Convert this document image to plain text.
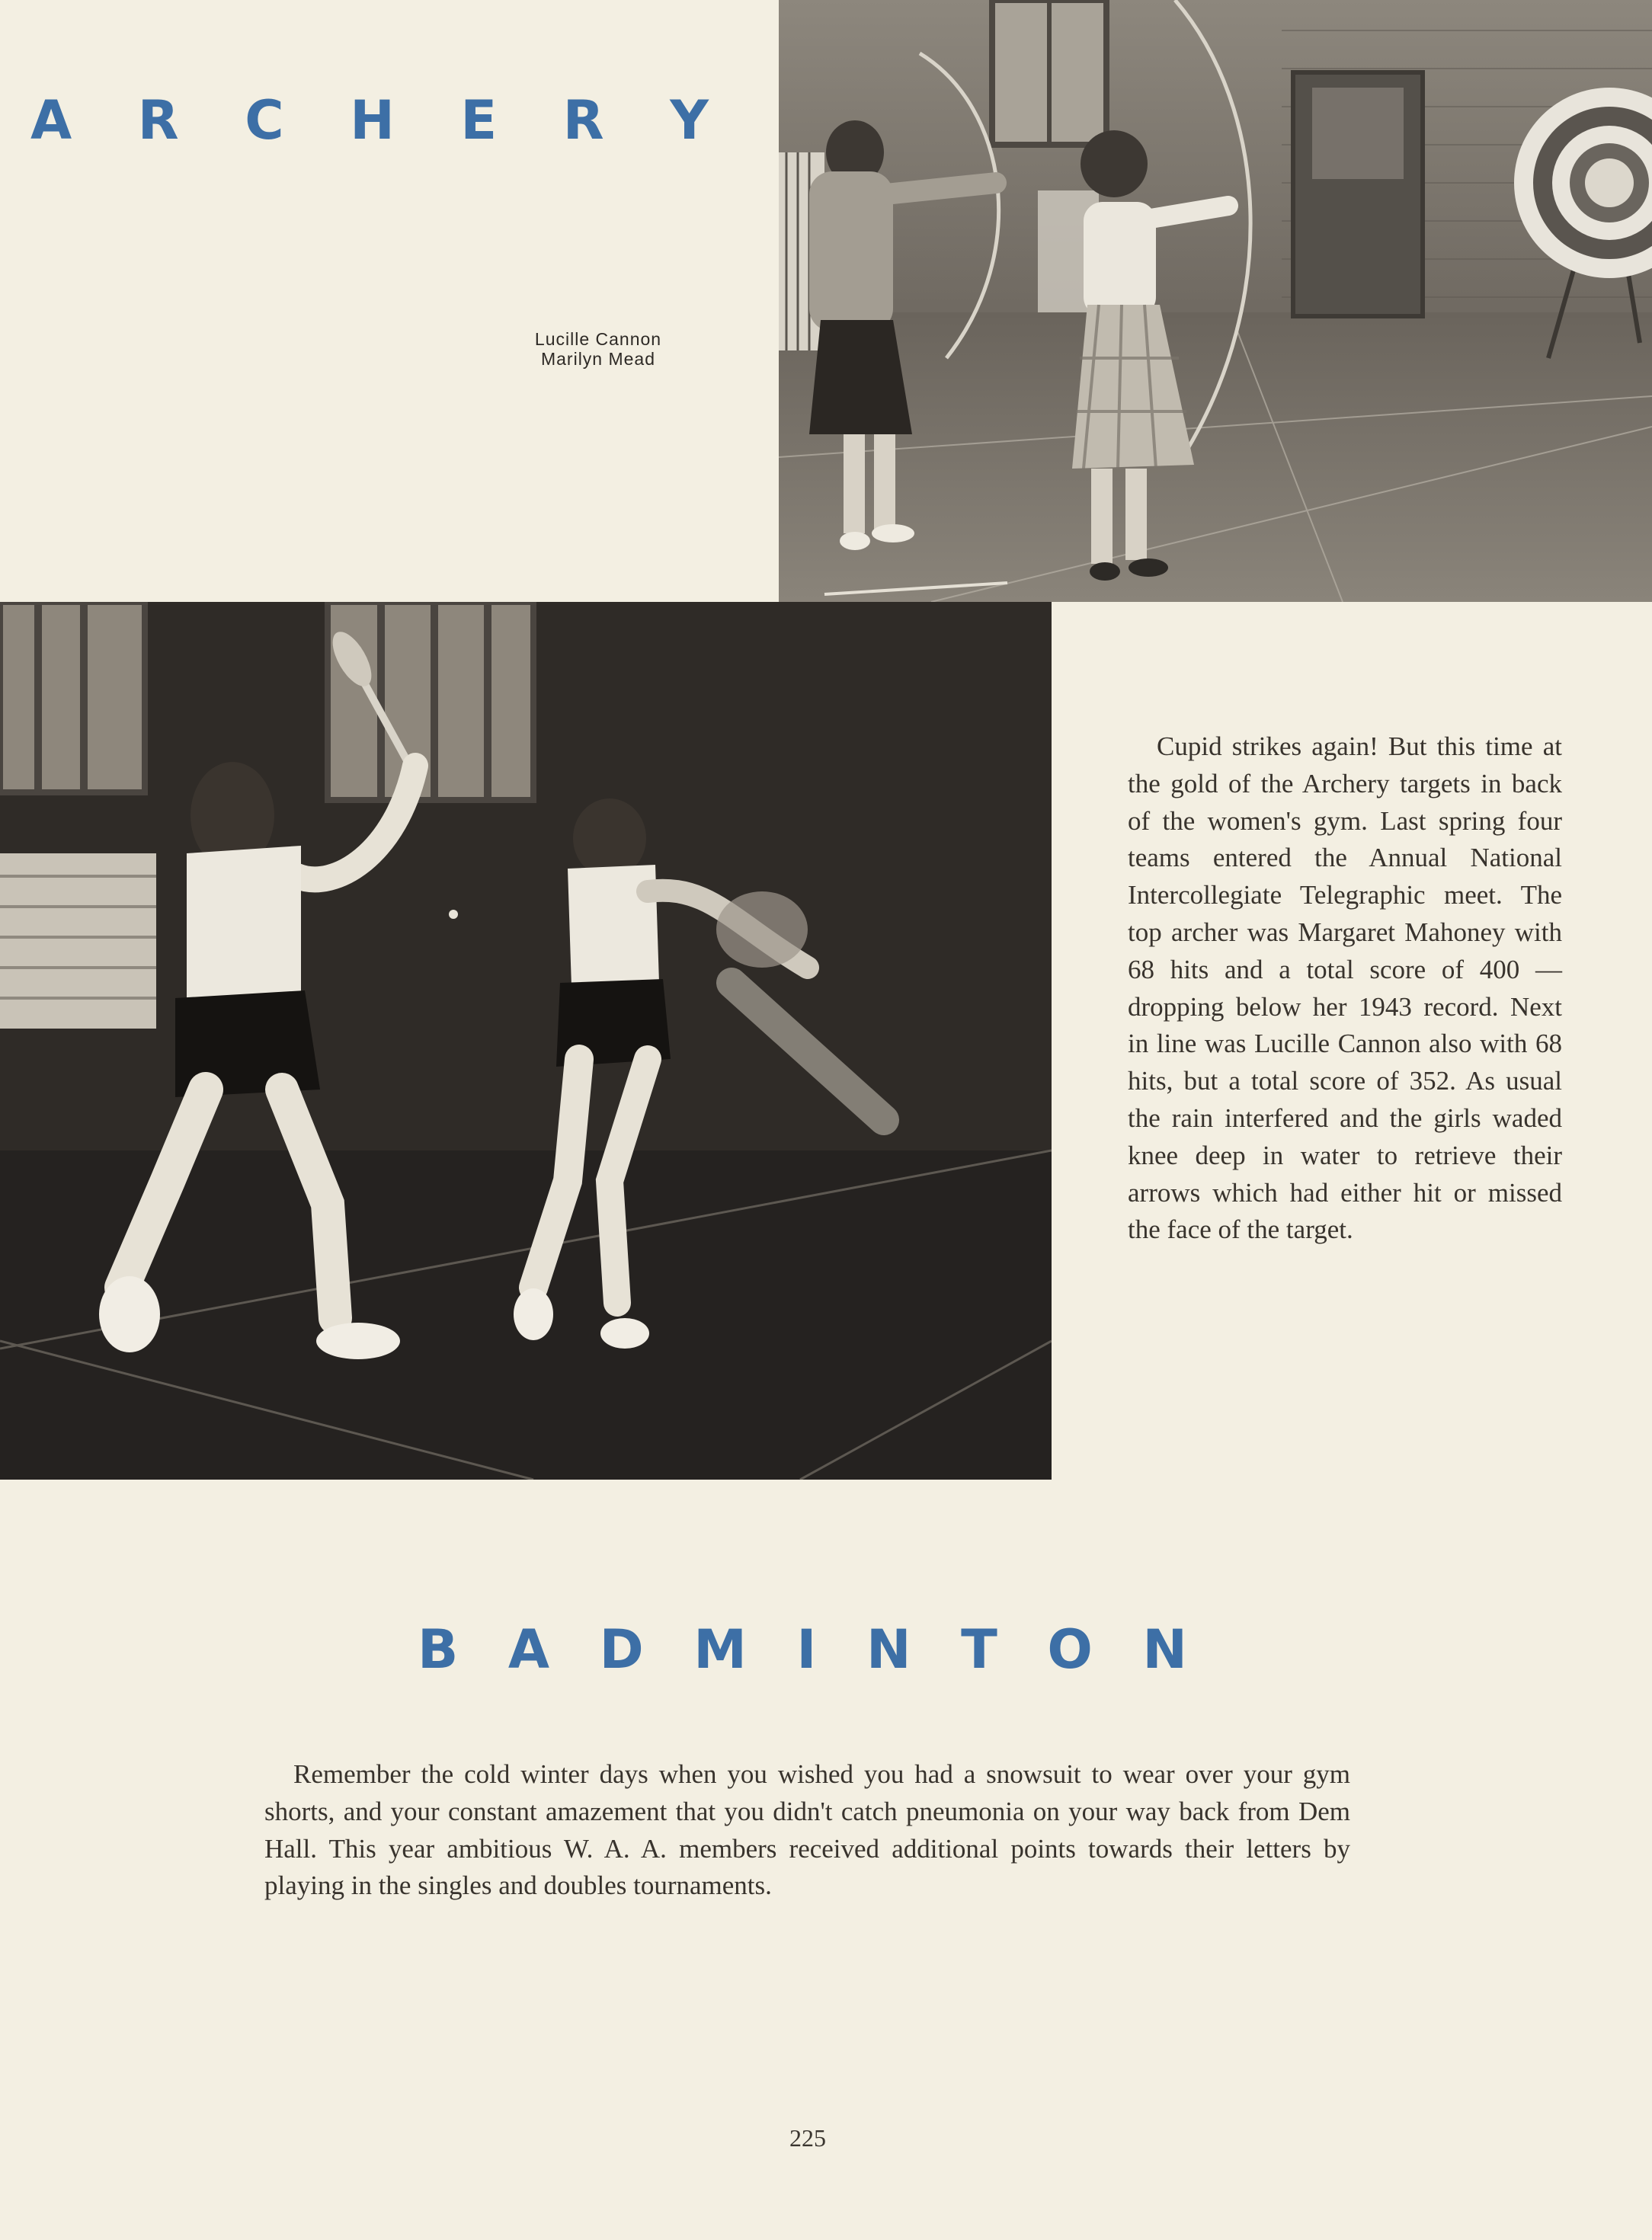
A R C H E R Y
Lucille Cannon
Marilyn Mead

Cupid strikes again! But this time at the gold of the Archery targets in back of the women's gym. Last spring four teams entered the Annual National Intercollegiate Telegraphic meet. The top archer was Margaret Mahoney with 68 hits and a total score of 400 — dropping below her 1943 record. Next in line was Lucille Cannon also with 68 hits, but a total score of 352. As usual the rain interfered and the girls waded knee deep in water to retrieve their arrows which had either hit or missed the face of the target.

B A D M I N T O N

Remember the cold winter days when you wished you had a snowsuit to wear over your gym shorts, and your constant amazement that you didn't catch pneumonia on your way back from Dem Hall. This year ambitious W. A. A. members received additional points towards their letters by playing in the singles and doubles tournaments.

225
